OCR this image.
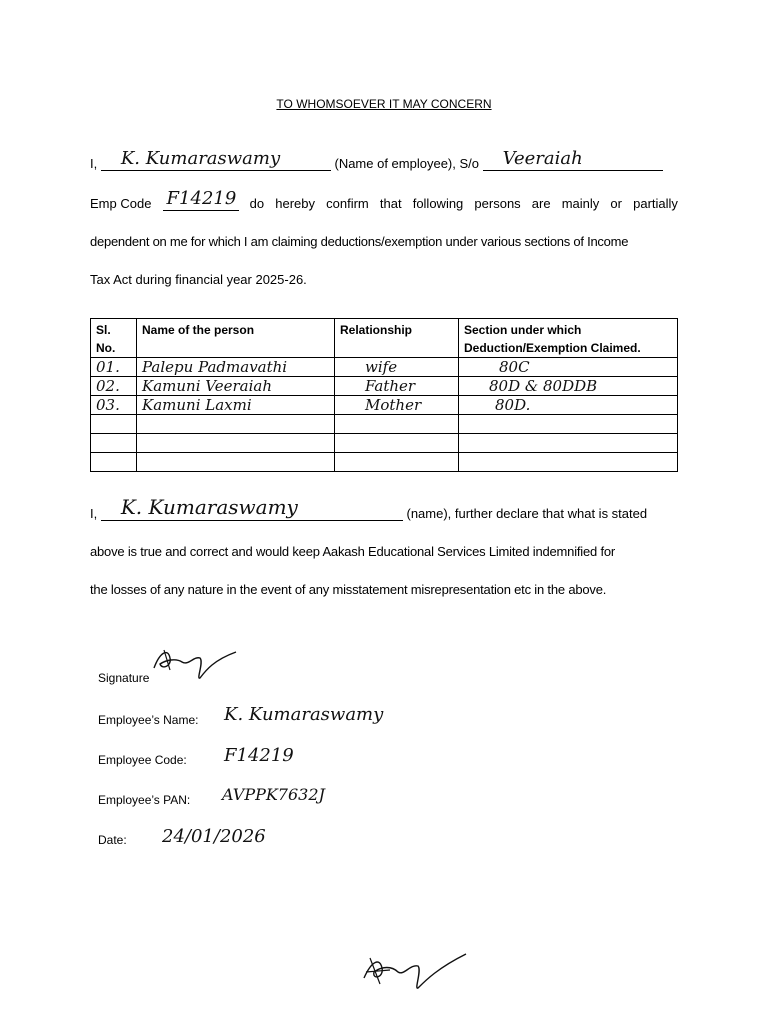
TO WHOMSOEVER IT MAY CONCERN
I, K. Kumaraswamy	(Name of employee), S/o Veeraiah
Emp Code F14219 do hereby confirm that following persons are mainly or partially
dependent on me for which I am claiming deductions/exemption under various sections of Income
Tax Act during financial year 2025-26.
Sl. No.	Name of the person	Relationship	Section under which Deduction/Exemption Claimed.
01.	Palepu Padmavathi	wife	80C
02.	Kamuni Veeraiah	Father	80D & 80DDB
03.	Kamuni Laxmi	Mother	80D.

I, K. Kumaraswamy	(name), further declare that what is stated
above is true and correct and would keep Aakash Educational Services Limited indemnified for
the losses of any nature in the event of any misstatement misrepresentation etc in the above.
Signature
Employee’s Name: K. Kumaraswamy
Employee Code: F14219
Employee’s PAN: AVPPK7632J
Date: 24/01/2026
